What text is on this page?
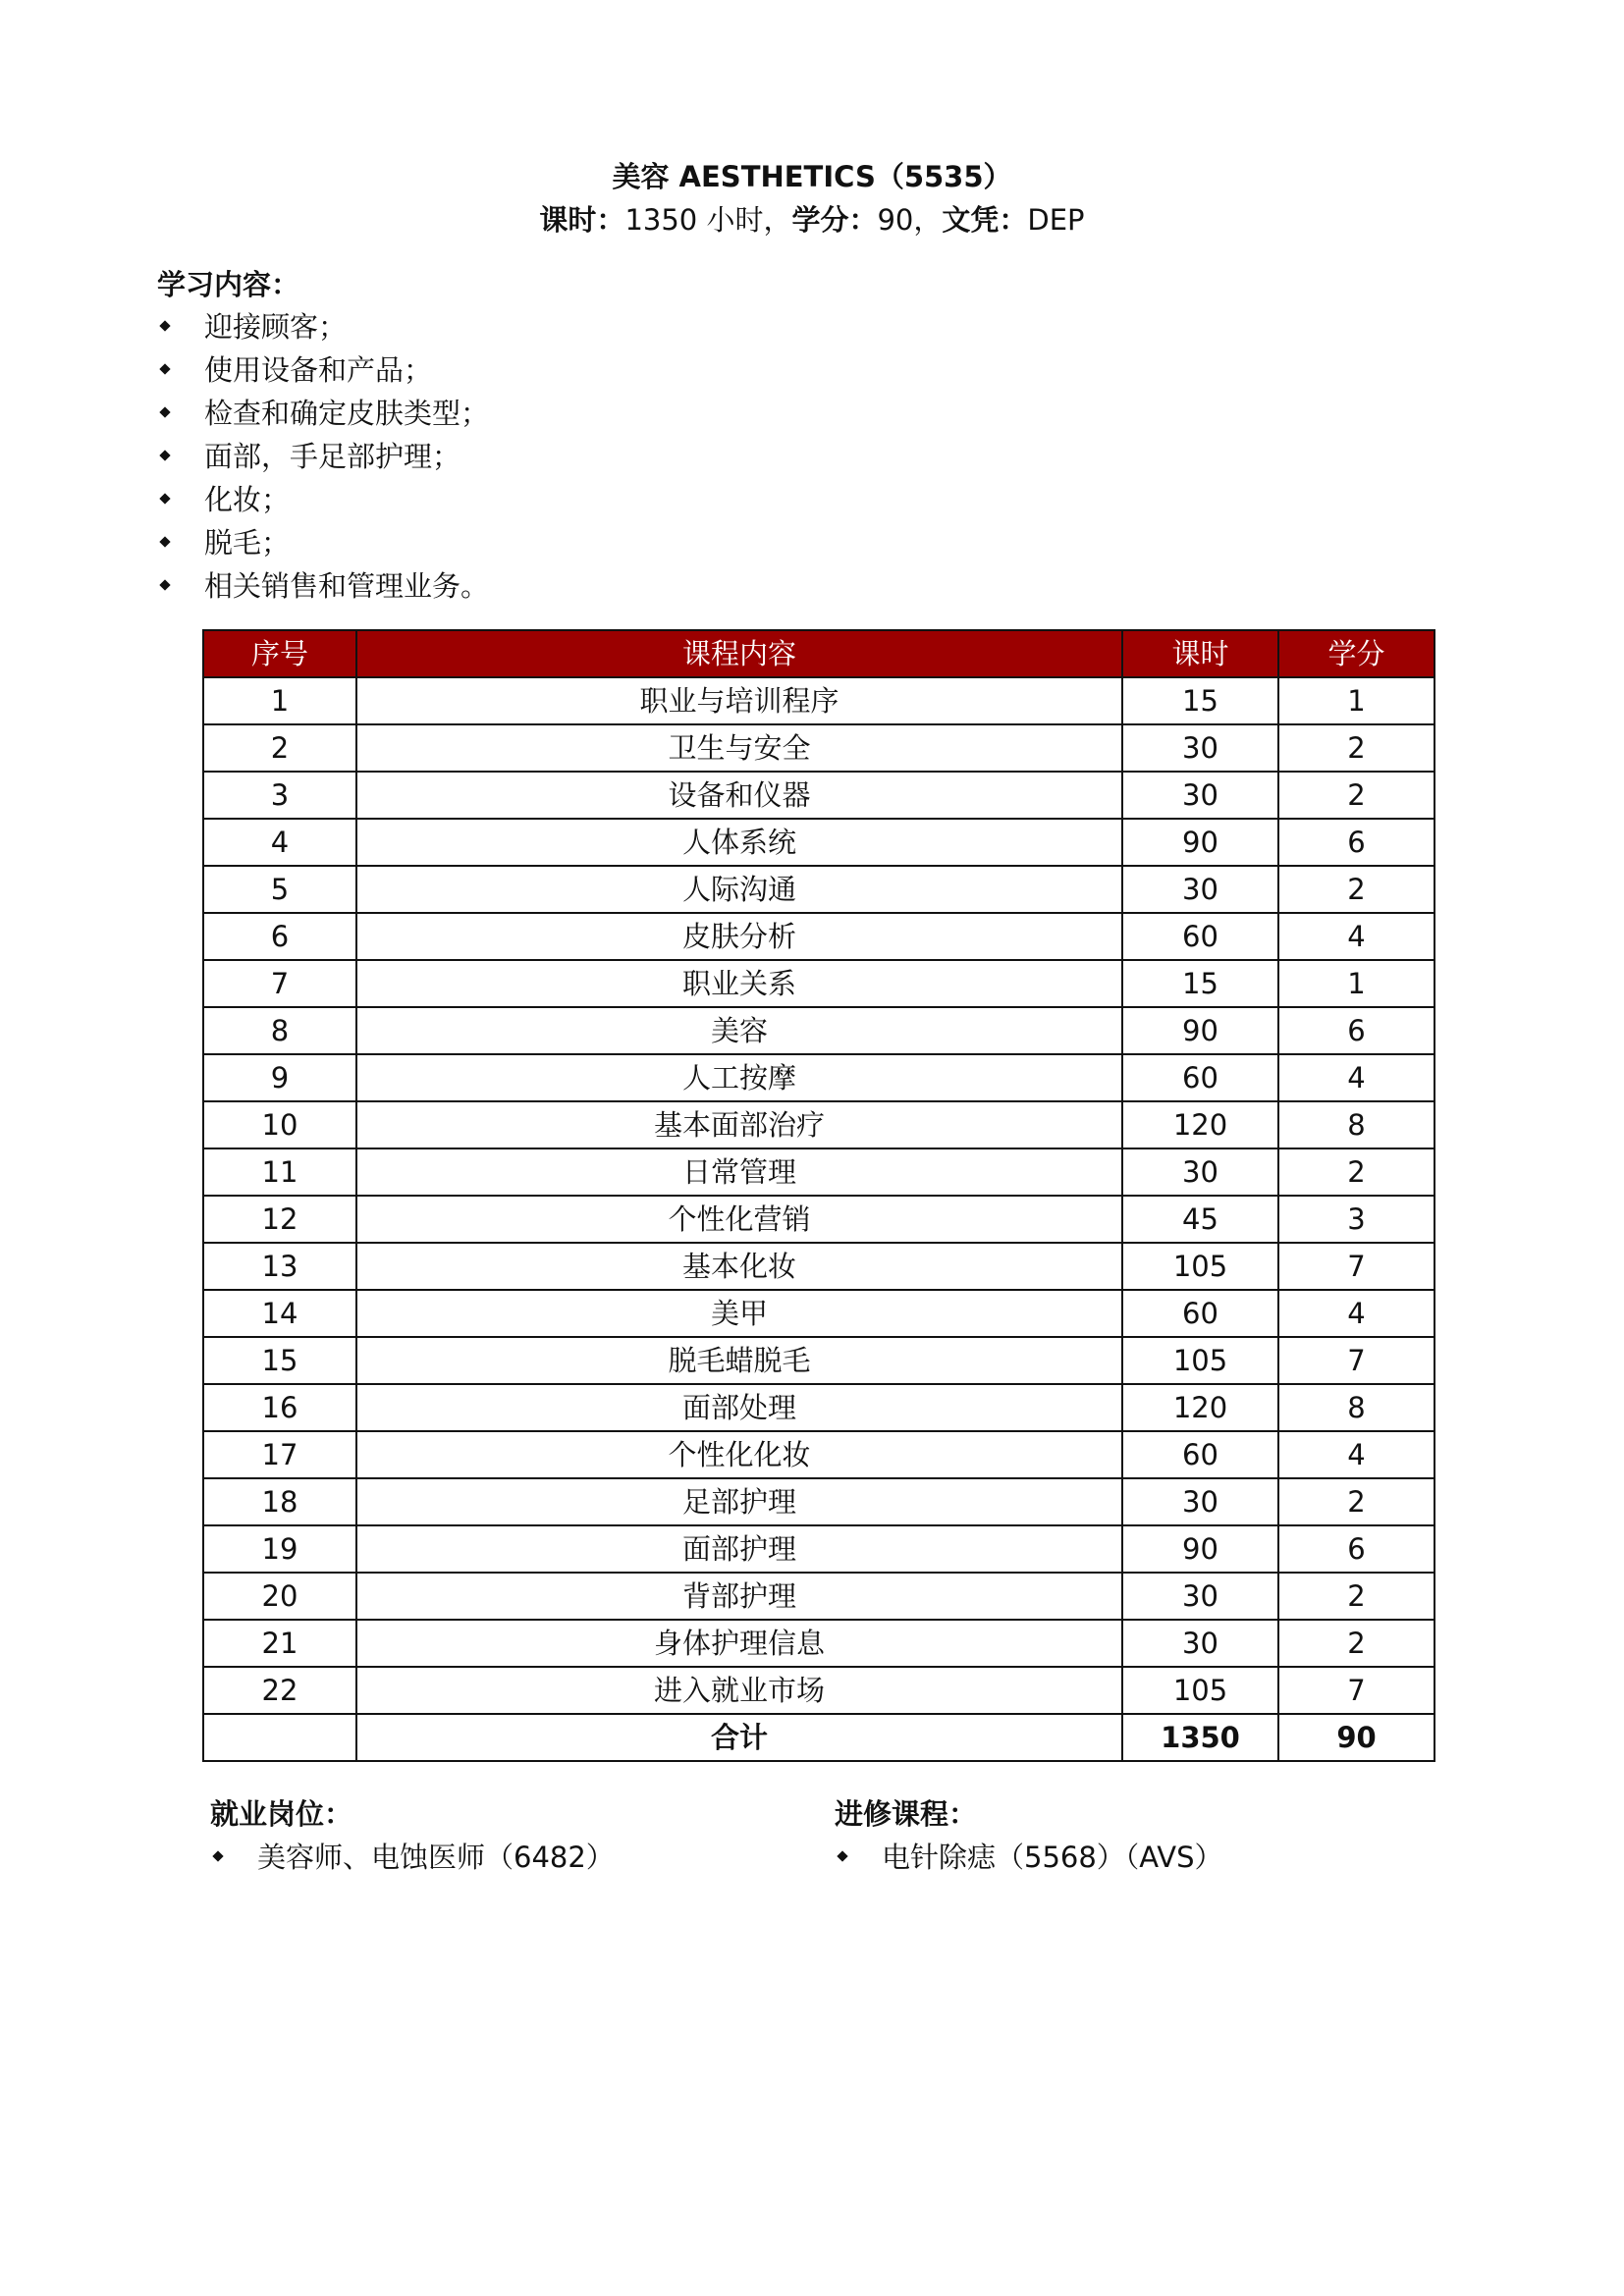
美容 AESTHETICS（5535）
课时：1350 小时，学分：90，文凭：DEP
学习内容：
迎接顾客；
使用设备和产品；
检查和确定皮肤类型；
面部，手足部护理；
化妆；
脱毛；
相关销售和管理业务。
序号	课程内容	课时	学分
1	职业与培训程序	15	1
2	卫生与安全	30	2
3	设备和仪器	30	2
4	人体系统	90	6
5	人际沟通	30	2
6	皮肤分析	60	4
7	职业关系	15	1
8	美容	90	6
9	人工按摩	60	4
10	基本面部治疗	120	8
11	日常管理	30	2
12	个性化营销	45	3
13	基本化妆	105	7
14	美甲	60	4
15	脱毛蜡脱毛	105	7
16	面部处理	120	8
17	个性化化妆	60	4
18	足部护理	30	2
19	面部护理	90	6
20	背部护理	30	2
21	身体护理信息	30	2
22	进入就业市场	105	7
	合计	1350	90
就业岗位：
美容师、电蚀医师（6482）
进修课程：
电针除痣（5568）（AVS）
